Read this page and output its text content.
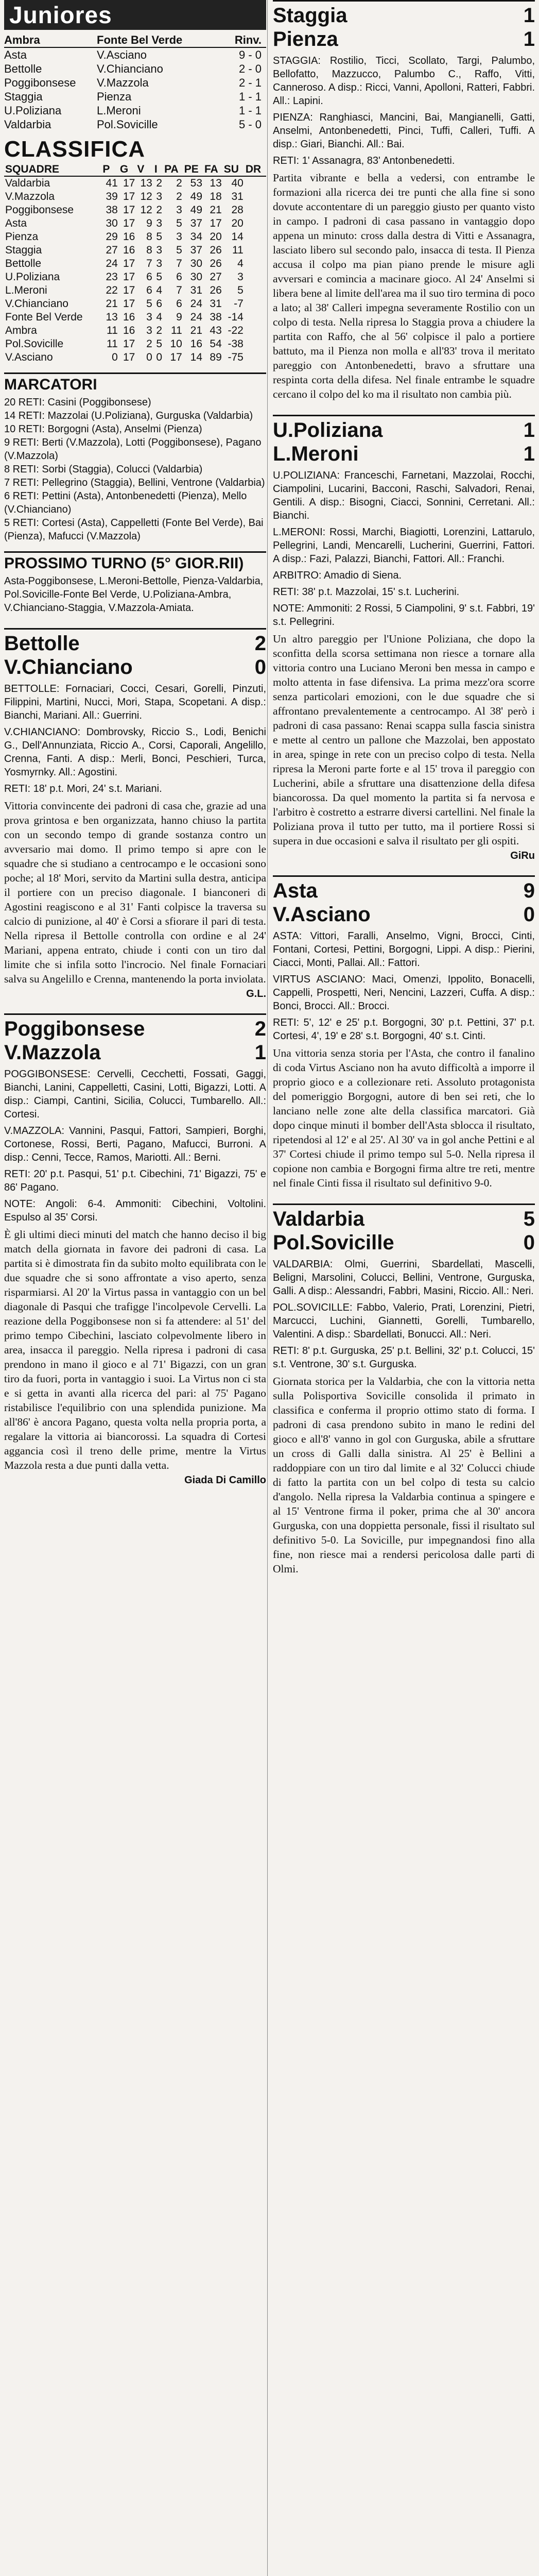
Juniores
Ambra	Fonte Bel Verde	Rinv.
Asta	V.Asciano	9 - 0
Bettolle	V.Chianciano	2 - 0
Poggibonsese	V.Mazzola	2 - 1
Staggia	Pienza	1 - 1
U.Poliziana	L.Meroni	1 - 1
Valdarbia	Pol.Sovicille	5 - 0
CLASSIFICA
SQUADRE	P	G	V	I	PA	PE	FA	SU	DR
Valdarbia	41	17	13	2	2	53	13	40	
V.Mazzola	39	17	12	3	2	49	18	31	
Poggibonsese	38	17	12	2	3	49	21	28	
Asta	30	17	9	3	5	37	17	20	
Pienza	29	16	8	5	3	34	20	14	
Staggia	27	16	8	3	5	37	26	11	
Bettolle	24	17	7	3	7	30	26	4	
U.Poliziana	23	17	6	5	6	30	27	3	
L.Meroni	22	17	6	4	7	31	26	5	
V.Chianciano	21	17	5	6	6	24	31	-7	
Fonte Bel Verde	13	16	3	4	9	24	38	-14	
Ambra	11	16	3	2	11	21	43	-22	
Pol.Sovicille	11	17	2	5	10	16	54	-38	
V.Asciano	0	17	0	0	17	14	89	-75	
MARCATORI

20 RETI: Casini (Poggibonsese)

14 RETI: Mazzolai (U.Poliziana), Gurguska (Valdarbia)

10 RETI: Borgogni (Asta), Anselmi (Pienza)

9 RETI: Berti (V.Mazzola), Lotti (Poggibonsese), Pagano (V.Mazzola)

8 RETI: Sorbi (Staggia), Colucci (Valdarbia)

7 RETI: Pellegrino (Staggia), Bellini, Ventrone (Valdarbia)

6 RETI: Pettini (Asta), Antonbenedetti (Pienza), Mello (V.Chianciano)

5 RETI: Cortesi (Asta), Cappelletti (Fonte Bel Verde), Bai (Pienza), Mafucci (V.Mazzola)

PROSSIMO TURNO (5° GIOR.RII)

Asta-Poggibonsese, L.Meroni-Bettolle, Pienza-Valdarbia, Pol.Sovicille-Fonte Bel Verde, U.Poliziana-Ambra, V.Chianciano-Staggia, V.Mazzola-Amiata.

Bettolle	2
V.Chianciano	0

BETTOLLE: Fornaciari, Cocci, Cesari, Gorelli, Pinzuti, Filippini, Martini, Nucci, Mori, Stapa, Scopetani. A disp.: Bianchi, Mariani. All.: Guerrini.

V.CHIANCIANO: Dombrovsky, Riccio S., Lodi, Benichi G., Dell'Annunziata, Riccio A., Corsi, Caporali, Angelillo, Crenna, Fanti. A disp.: Merli, Bonci, Peschieri, Turca, Yosmyrnky. All.: Agostini.

RETI: 18' p.t. Mori, 24' s.t. Mariani.

Vittoria convincente dei padroni di casa che, grazie ad una prova grintosa e ben organizzata, hanno chiuso la partita con un secondo tempo di grande sostanza contro un avversario mai domo. Il primo tempo si apre con le squadre che si studiano a centrocampo e le occasioni sono poche; al 18' Mori, servito da Martini sulla destra, anticipa il portiere con un preciso diagonale. I bianconeri di Agostini reagiscono e al 31' Fanti colpisce la traversa su calcio di punizione, al 40' è Corsi a sfiorare il pari di testa. Nella ripresa il Bettolle controlla con ordine e al 24' Mariani, appena entrato, chiude i conti con un tiro dal limite che si infila sotto l'incrocio. Nel finale Fornaciari salva su Angelillo e Crenna, mantenendo la porta inviolata.

G.L.

Poggibonsese	2
V.Mazzola	1

POGGIBONSESE: Cervelli, Cecchetti, Fossati, Gaggi, Bianchi, Lanini, Cappelletti, Casini, Lotti, Bigazzi, Lotti. A disp.: Ciampi, Cantini, Sicilia, Colucci, Tumbarello. All.: Cortesi.

V.MAZZOLA: Vannini, Pasqui, Fattori, Sampieri, Borghi, Cortonese, Rossi, Berti, Pagano, Mafucci, Burroni. A disp.: Cenni, Tecce, Ramos, Mariotti. All.: Berni.

RETI: 20' p.t. Pasqui, 51' p.t. Cibechini, 71' Bigazzi, 75' e 86' Pagano.

NOTE: Angoli: 6-4. Ammoniti: Cibechini, Voltolini. Espulso al 35' Corsi.

È gli ultimi dieci minuti del match che hanno deciso il big match della giornata in favore dei padroni di casa. La partita si è dimostrata fin da subito molto equilibrata con le due squadre che si sono affrontate a viso aperto, senza risparmiarsi. Al 20' la Virtus passa in vantaggio con un bel diagonale di Pasqui che trafigge l'incolpevole Cervelli. La reazione della Poggibonsese non si fa attendere: al 51' del primo tempo Cibechini, lasciato colpevolmente libero in area, insacca il pareggio. Nella ripresa i padroni di casa prendono in mano il gioco e al 71' Bigazzi, con un gran tiro da fuori, porta in vantaggio i suoi. La Virtus non ci sta e si getta in avanti alla ricerca del pari: al 75' Pagano ristabilisce l'equilibrio con una splendida punizione. Ma all'86' è ancora Pagano, questa volta nella propria porta, a regalare la vittoria ai biancorossi. La squadra di Cortesi aggancia così il treno delle prime, mentre la Virtus Mazzola resta a due punti dalla vetta.

Giada Di Camillo

Staggia	1
Pienza	1

STAGGIA: Rostilio, Ticci, Scollato, Targi, Palumbo, Bellofatto, Mazzucco, Palumbo C., Raffo, Vitti, Canneroso. A disp.: Ricci, Vanni, Apolloni, Ratteri, Fabbri. All.: Lapini.

PIENZA: Ranghiasci, Mancini, Bai, Mangianelli, Gatti, Anselmi, Antonbenedetti, Pinci, Tuffi, Calleri, Tuffi. A disp.: Giari, Bianchi. All.: Bai.

RETI: 1' Assanagra, 83' Antonbenedetti.

Partita vibrante e bella a vedersi, con entrambe le formazioni alla ricerca dei tre punti che alla fine si sono dovute accontentare di un pareggio giusto per quanto visto in campo. I padroni di casa passano in vantaggio dopo appena un minuto: cross dalla destra di Vitti e Assanagra, lasciato libero sul secondo palo, insacca di testa. Il Pienza accusa il colpo ma pian piano prende le misure agli avversari e comincia a macinare gioco. Al 24' Anselmi si libera bene al limite dell'area ma il suo tiro termina di poco a lato; al 38' Calleri impegna severamente Rostilio con un colpo di testa. Nella ripresa lo Staggia prova a chiudere la partita con Raffo, che al 56' colpisce il palo a portiere battuto, ma il Pienza non molla e all'83' trova il meritato pareggio con Antonbenedetti, bravo a sfruttare una respinta corta della difesa. Nel finale entrambe le squadre cercano il colpo del ko ma il risultato non cambia più.

U.Poliziana	1
L.Meroni	1

U.POLIZIANA: Franceschi, Farnetani, Mazzolai, Rocchi, Ciampolini, Lucarini, Bacconi, Raschi, Salvadori, Renai, Gentili. A disp.: Bisogni, Ciacci, Sonnini, Cerretani. All.: Bianchi.

L.MERONI: Rossi, Marchi, Biagiotti, Lorenzini, Lattarulo, Pellegrini, Landi, Mencarelli, Lucherini, Guerrini, Fattori. A disp.: Fazi, Palazzi, Bianchi, Fattori. All.: Franchi.

ARBITRO: Amadio di Siena.

RETI: 38' p.t. Mazzolai, 15' s.t. Lucherini.

NOTE: Ammoniti: 2 Rossi, 5 Ciampolini, 9' s.t. Fabbri, 19' s.t. Pellegrini.

Un altro pareggio per l'Unione Poliziana, che dopo la sconfitta della scorsa settimana non riesce a tornare alla vittoria contro una Luciano Meroni ben messa in campo e molto attenta in fase difensiva. La prima mezz'ora scorre senza particolari emozioni, con le due squadre che si affrontano prevalentemente a centrocampo. Al 38' però i padroni di casa passano: Renai scappa sulla fascia sinistra e mette al centro un pallone che Mazzolai, ben appostato in area, spinge in rete con un preciso colpo di testa. Nella ripresa la Meroni parte forte e al 15' trova il pareggio con Lucherini, abile a sfruttare una disattenzione della difesa biancorossa. Da quel momento la partita si fa nervosa e l'arbitro è costretto a estrarre diversi cartellini. Nel finale la Poliziana prova il tutto per tutto, ma il portiere Rossi si supera in due occasioni e salva il risultato per gli ospiti.

GiRu

Asta	9
V.Asciano	0

ASTA: Vittori, Faralli, Anselmo, Vigni, Brocci, Cinti, Fontani, Cortesi, Pettini, Borgogni, Lippi. A disp.: Pierini, Ciacci, Monti, Pallai. All.: Fattori.

VIRTUS ASCIANO: Maci, Omenzi, Ippolito, Bonacelli, Cappelli, Prospetti, Neri, Nencini, Lazzeri, Cuffa. A disp.: Bonci, Brocci. All.: Brocci.

RETI: 5', 12' e 25' p.t. Borgogni, 30' p.t. Pettini, 37' p.t. Cortesi, 4', 19' e 28' s.t. Borgogni, 40' s.t. Cinti.

Una vittoria senza storia per l'Asta, che contro il fanalino di coda Virtus Asciano non ha avuto difficoltà a imporre il proprio gioco e a collezionare reti. Assoluto protagonista del pomeriggio Borgogni, autore di ben sei reti, che lo lanciano nelle zone alte della classifica marcatori. Già dopo cinque minuti il bomber dell'Asta sblocca il risultato, ripetendosi al 12' e al 25'. Al 30' va in gol anche Pettini e al 37' Cortesi chiude il primo tempo sul 5-0. Nella ripresa il copione non cambia e Borgogni firma altre tre reti, mentre nel finale Cinti fissa il risultato sul definitivo 9-0.

Valdarbia	5
Pol.Sovicille	0

VALDARBIA: Olmi, Guerrini, Sbardellati, Mascelli, Beligni, Marsolini, Colucci, Bellini, Ventrone, Gurguska, Galli. A disp.: Alessandri, Fabbri, Masini, Riccio. All.: Neri.

POL.SOVICILLE: Fabbo, Valerio, Prati, Lorenzini, Pietri, Marcucci, Luchini, Giannetti, Gorelli, Tumbarello, Valentini. A disp.: Sbardellati, Bonucci. All.: Neri.

RETI: 8' p.t. Gurguska, 25' p.t. Bellini, 32' p.t. Colucci, 15' s.t. Ventrone, 30' s.t. Gurguska.

Giornata storica per la Valdarbia, che con la vittoria netta sulla Polisportiva Sovicille consolida il primato in classifica e conferma il proprio ottimo stato di forma. I padroni di casa prendono subito in mano le redini del gioco e all'8' vanno in gol con Gurguska, abile a sfruttare un cross di Galli dalla sinistra. Al 25' è Bellini a raddoppiare con un tiro dal limite e al 32' Colucci chiude di fatto la partita con un bel colpo di testa su calcio d'angolo. Nella ripresa la Valdarbia continua a spingere e al 15' Ventrone firma il poker, prima che al 30' ancora Gurguska, con una doppietta personale, fissi il risultato sul definitivo 5-0. La Sovicille, pur impegnandosi fino alla fine, non riesce mai a rendersi pericolosa dalle parti di Olmi.
